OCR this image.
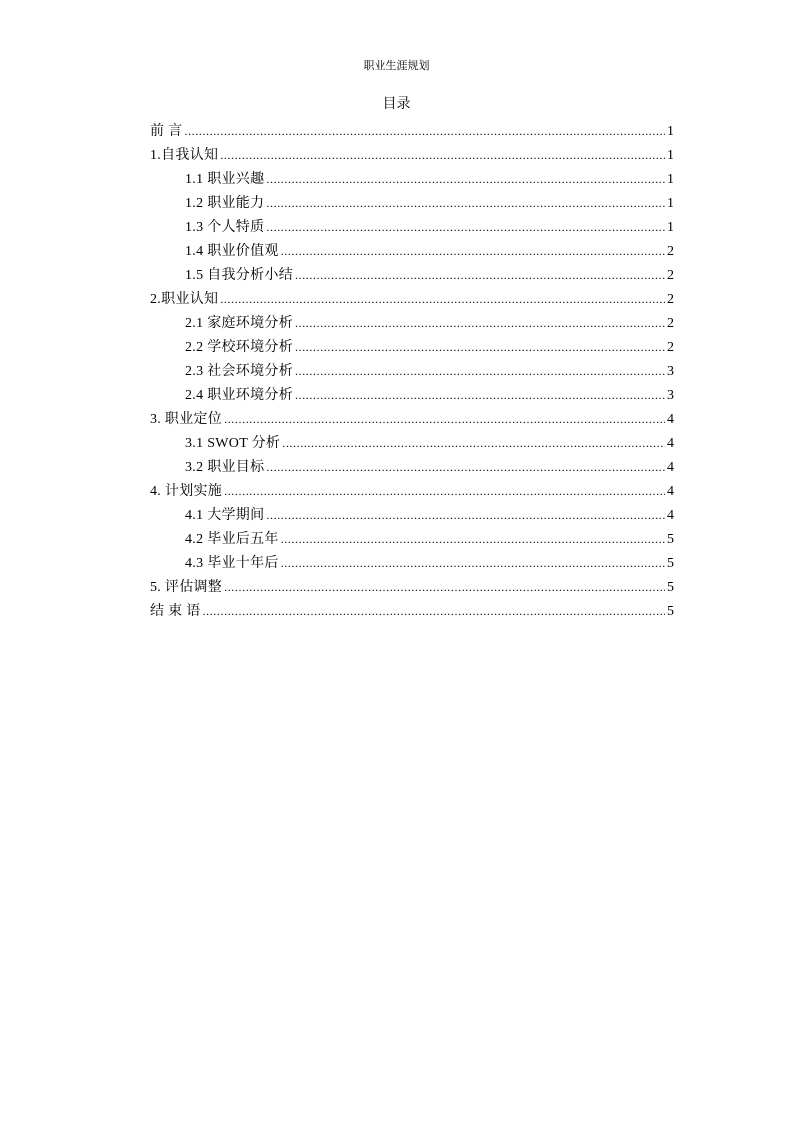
职业生涯规划
目录
前 言 .....	1
1.自我认知 .....	1
1.1 职业兴趣 .....	1
1.2 职业能力 .....	1
1.3 个人特质 .....	1
1.4 职业价值观 .....	2
1.5 自我分析小结 .....	2
2.职业认知 .....	2
2.1 家庭环境分析 .....	2
2.2 学校环境分析 .....	2
2.3 社会环境分析 .....	3
2.4 职业环境分析 .....	3
3. 职业定位 .....	4
3.1 SWOT 分析 .....	4
3.2 职业目标 .....	4
4. 计划实施 .....	4
4.1 大学期间 .....	4
4.2 毕业后五年 .....	5
4.3 毕业十年后 .....	5
5. 评估调整 .....	5
结 束 语 .....	5
